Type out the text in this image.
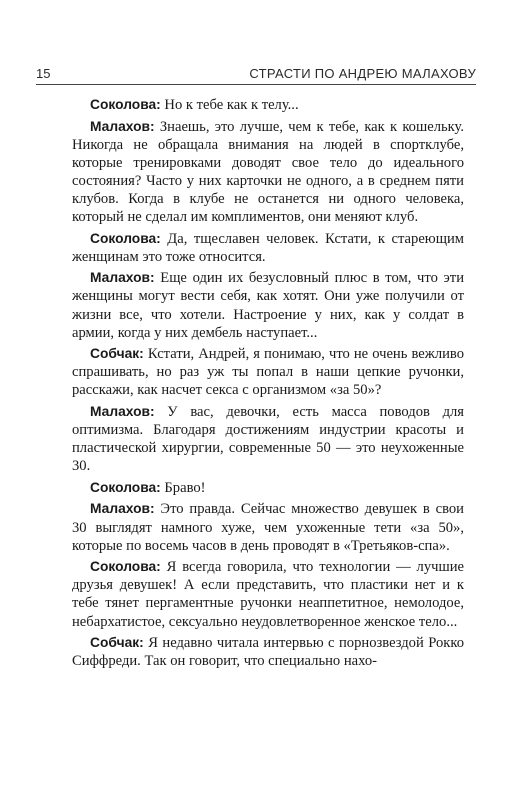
15	СТРАСТИ ПО АНДРЕЮ МАЛАХОВУ

Соколова: Но к тебе как к телу...

Малахов: Знаешь, это лучше, чем к тебе, как к кошельку. Никогда не обращала внимания на людей в спортклубе, которые тренировками доводят свое тело до идеального состояния? Часто у них карточки не одного, а в среднем пяти клубов. Когда в клубе не останется ни одного человека, который не сделал им комплиментов, они меняют клуб.

Соколова: Да, тщеславен человек. Кстати, к стареющим женщинам это тоже относится.

Малахов: Еще один их безусловный плюс в том, что эти женщины могут вести себя, как хотят. Они уже получили от жизни все, что хотели. Настроение у них, как у солдат в армии, когда у них дембель наступает...

Собчак: Кстати, Андрей, я понимаю, что не очень вежливо спрашивать, но раз уж ты попал в наши цепкие ручонки, расскажи, как насчет секса с организмом «за 50»?

Малахов: У вас, девочки, есть масса поводов для оптимизма. Благодаря достижениям индустрии красоты и пластической хирургии, современные 50 — это неухоженные 30.

Соколова: Браво!

Малахов: Это правда. Сейчас множество девушек в свои 30 выглядят намного хуже, чем ухоженные тети «за 50», которые по восемь часов в день проводят в «Третьяков-спа».

Соколова: Я всегда говорила, что технологии — лучшие друзья девушек! А если представить, что пластики нет и к тебе тянет пергаментные ручонки неаппетитное, немолодое, небархатистое, сексуально неудовлетворенное женское тело...

Собчак: Я недавно читала интервью с порнозвездой Рокко Сиффреди. Так он говорит, что специально нахо-
